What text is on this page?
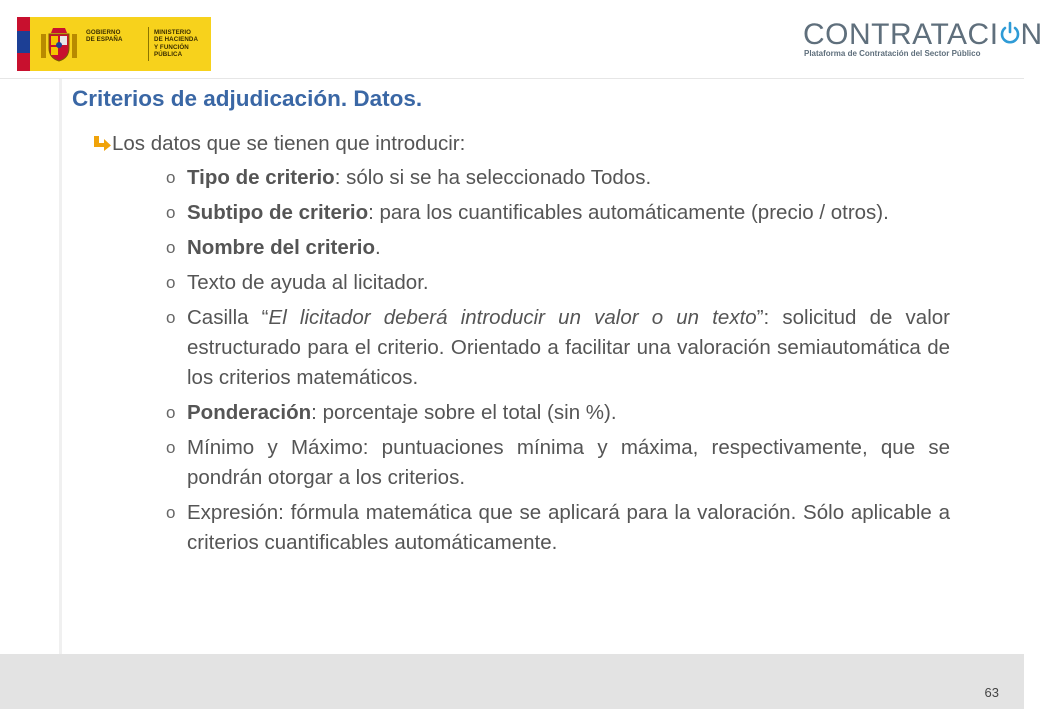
GOBIERNO
DE ESPAÑA
MINISTERIO
DE HACIENDA
Y FUNCIÓN PÚBLICA
CONTRATACI N
Plataforma de Contratación del Sector Público
Criterios de adjudicación. Datos.
Los datos que se tienen que introducir:
o Tipo de criterio: sólo si se ha seleccionado Todos.
o Subtipo de criterio: para los cuantificables automáticamente (precio / otros).
o Nombre del criterio.
o Texto de ayuda al licitador.
o Casilla “El licitador deberá introducir un valor o un texto”: solicitud de valor estructurado para el criterio. Orientado a facilitar una valoración semiautomática de los criterios matemáticos.
o Ponderación: porcentaje sobre el total (sin %).
o Mínimo y Máximo: puntuaciones mínima y máxima, respectivamente, que se pondrán otorgar a los criterios.
o Expresión: fórmula matemática que se aplicará para la valoración. Sólo aplicable a criterios cuantificables automáticamente.
63
